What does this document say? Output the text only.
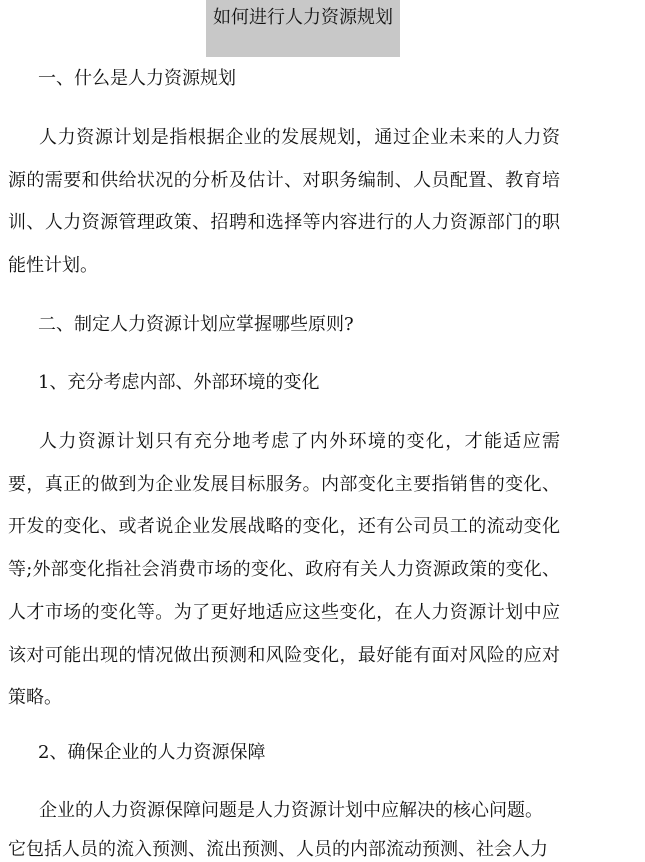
如何进行人力资源规划
一、什么是人力资源规划

人力资源计划是指根据企业的发展规划，通过企业未来的人力资源的需要和供给状况的分析及估计、对职务编制、人员配置、教育培训、人力资源管理政策、招聘和选择等内容进行的人力资源部门的职能性计划。

二、制定人力资源计划应掌握哪些原则?
1、充分考虑内部、外部环境的变化

人力资源计划只有充分地考虑了内外环境的变化，才能适应需要，真正的做到为企业发展目标服务。内部变化主要指销售的变化、开发的变化、或者说企业发展战略的变化，还有公司员工的流动变化等;外部变化指社会消费市场的变化、政府有关人力资源政策的变化、人才市场的变化等。为了更好地适应这些变化，在人力资源计划中应该对可能出现的情况做出预测和风险变化，最好能有面对风险的应对策略。

2、确保企业的人力资源保障

企业的人力资源保障问题是人力资源计划中应解决的核心问题。

它包括人员的流入预测、流出预测、人员的内部流动预测、社会人力
